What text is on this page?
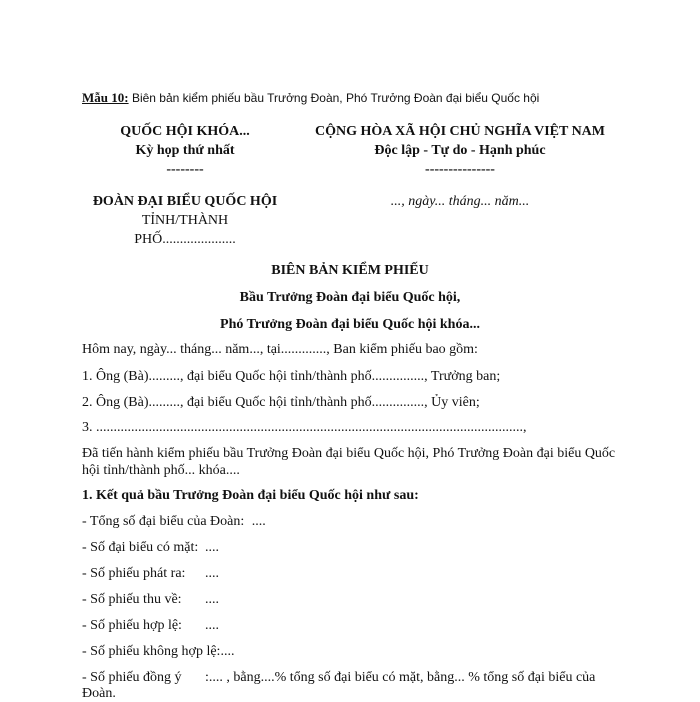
Mẫu 10: Biên bản kiểm phiếu bầu Trưởng Đoàn, Phó Trưởng Đoàn đại biểu Quốc hội
QUỐC HỘI KHÓA...
Kỳ họp thứ nhất
--------
ĐOÀN ĐẠI BIỂU QUỐC HỘI
TỈNH/THÀNH PHỐ.....................
CỘNG HÒA XÃ HỘI CHỦ NGHĨA VIỆT NAM
Độc lập - Tự do - Hạnh phúc
---------------
..., ngày... tháng... năm...
BIÊN BẢN KIỂM PHIẾU
Bầu Trưởng Đoàn đại biểu Quốc hội,
Phó Trưởng Đoàn đại biểu Quốc hội khóa...
Hôm nay, ngày... tháng... năm..., tại............., Ban kiểm phiếu bao gồm:
1. Ông (Bà)........., đại biểu Quốc hội tỉnh/thành phố..............., Trưởng ban;
2. Ông (Bà)........., đại biểu Quốc hội tỉnh/thành phố..............., Ủy viên;
3. ..........................................................................................................................,
Đã tiến hành kiểm phiếu bầu Trưởng Đoàn đại biểu Quốc hội, Phó Trưởng Đoàn đại biểu Quốc hội tỉnh/thành phố... khóa....
1. Kết quả bầu Trưởng Đoàn đại biểu Quốc hội như sau:
- Tổng số đại biểu của Đoàn: ....
- Số đại biểu có mặt: ....
- Số phiếu phát ra: ....
- Số phiếu thu về: ....
- Số phiếu hợp lệ: ....
- Số phiếu không hợp lệ:....
- Số phiếu đồng ý :.... , bằng....% tổng số đại biểu có mặt, bằng... % tổng số đại biểu của
Đoàn.
